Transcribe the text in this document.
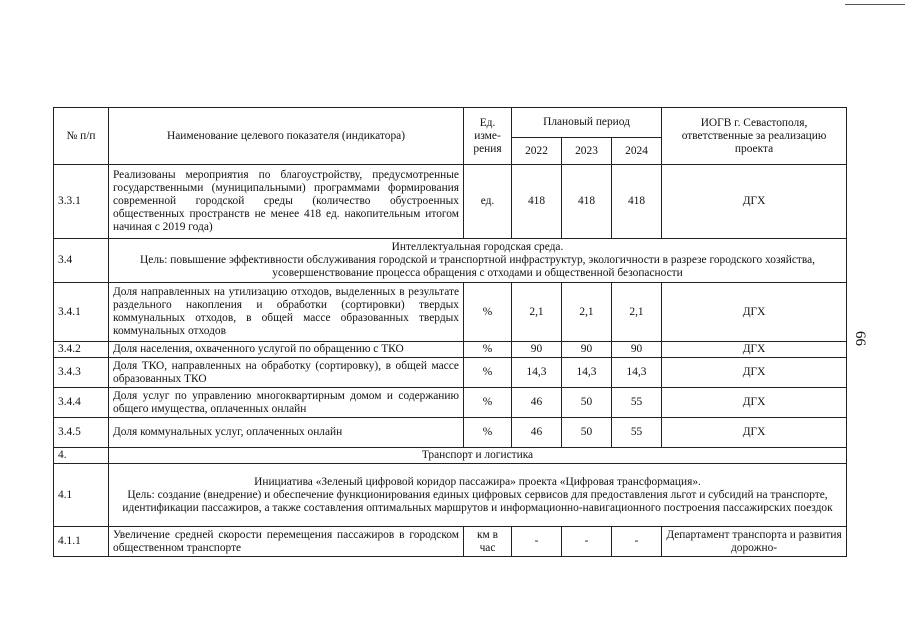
66
№ п/п	Наименование целевого показателя (индикатора)	Ед. изме-рения	Плановый период			ИОГВ г. Севастополя, ответственные за реализацию проекта
			2022	2023	2024	
3.3.1	Реализованы мероприятия по благоустройству, предусмотренные государственными (муниципальными) программами формирования современной городской среды (количество обустроенных общественных пространств не менее 418 ед. накопительным итогом начиная с 2019 года)	ед.	418	418	418	ДГХ
3.4	Интеллектуальная городская среда.
Цель: повышение эффективности обслуживания городской и транспортной инфраструктур, экологичности в разрезе городского хозяйства, усовершенствование процесса обращения с отходами и общественной безопасности					
3.4.1	Доля направленных на утилизацию отходов, выделенных в результате раздельного накопления и обработки (сортировки) твердых коммунальных отходов, в общей массе образованных твердых коммунальных отходов	%	2,1	2,1	2,1	ДГХ
3.4.2	Доля населения, охваченного услугой по обращению с ТКО	%	90	90	90	ДГХ
3.4.3	Доля ТКО, направленных на обработку (сортировку), в общей массе образованных ТКО	%	14,3	14,3	14,3	ДГХ
3.4.4	Доля услуг по управлению многоквартирным домом и содержанию общего имущества, оплаченных онлайн	%	46	50	55	ДГХ
3.4.5	Доля коммунальных услуг, оплаченных онлайн	%	46	50	55	ДГХ
4.	Транспорт и логистика					
4.1	Инициатива «Зеленый цифровой коридор пассажира» проекта «Цифровая трансформация».
Цель: создание (внедрение) и обеспечение функционирования единых цифровых сервисов для предоставления льгот и субсидий на транспорте, идентификации пассажиров, а также составления оптимальных маршрутов и информационно-навигационного построения пассажирских поездок					
4.1.1	Увеличение средней скорости перемещения пассажиров в городском общественном транспорте	км в час	-	-	-	Департамент транспорта и развития дорожно-
